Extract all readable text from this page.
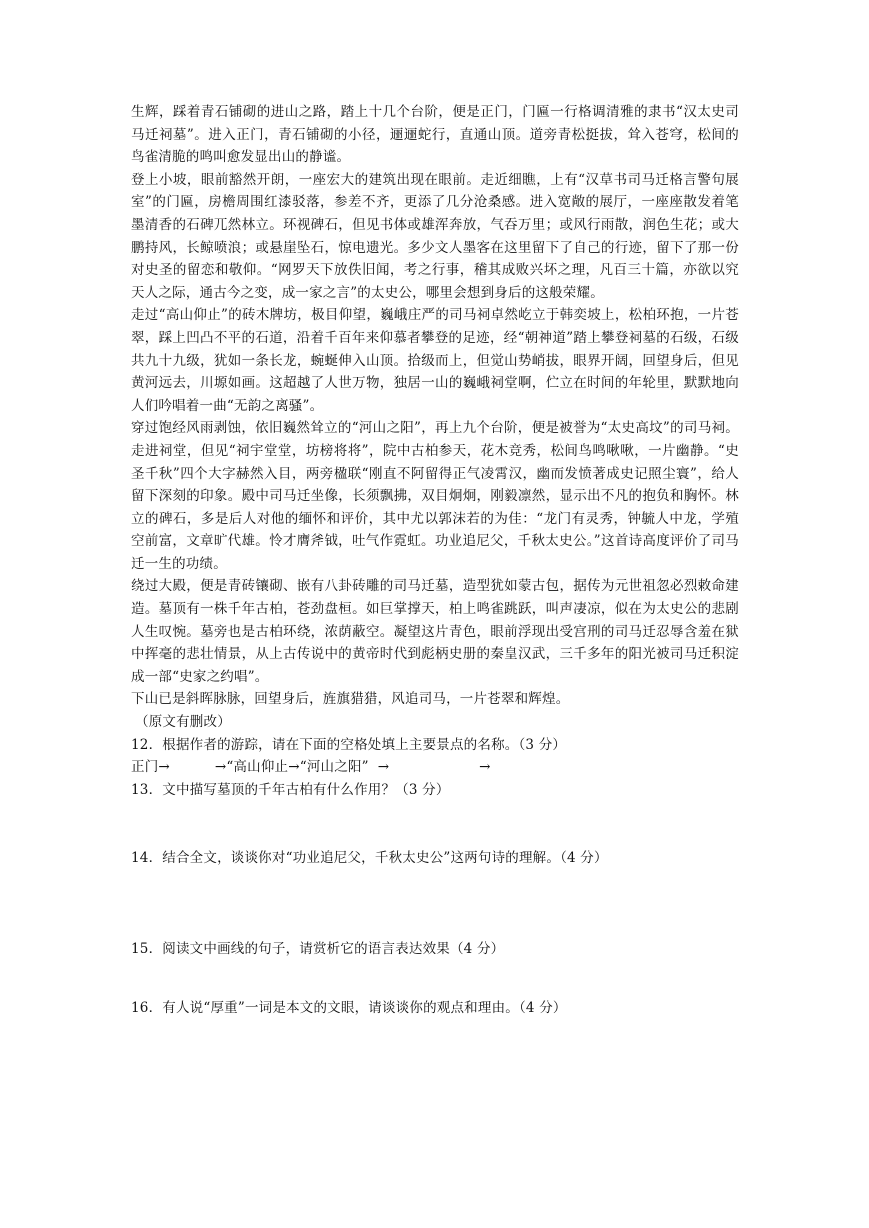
生辉，踩着青石铺砌的进山之路，踏上十几个台阶，便是正门，门匾一行格调清雅的隶书“汉太史司马迁祠墓”。进入正门，青石铺砌的小径，逦逦蛇行，直通山顶。道旁青松挺拔，耸入苍穹，松间的鸟雀清脆的鸣叫愈发显出山的静谧。

登上小坡，眼前豁然开朗，一座宏大的建筑出现在眼前。走近细瞧，上有“汉草书司马迁格言警句展室”的门匾，房檐周围红漆驳落，参差不齐，更添了几分沧桑感。进入宽敞的展厅，一座座散发着笔墨清香的石碑兀然林立。环视碑石，但见书体或雄浑奔放，气吞万里；或风行雨散，润色生花；或大鹏持风，长鲸喷浪；或悬崖坠石，惊电遗光。多少文人墨客在这里留下了自己的行迹，留下了那一份对史圣的留恋和敬仰。“网罗天下放佚旧闻，考之行事，稽其成败兴坏之理，凡百三十篇，亦欲以究天人之际，通古今之变，成一家之言”的太史公，哪里会想到身后的这般荣耀。

走过“高山仰止”的砖木牌坊，极目仰望，巍峨庄严的司马祠卓然屹立于韩奕坡上，松柏环抱，一片苍翠，踩上凹凸不平的石道，沿着千百年来仰慕者攀登的足迹，经“朝神道”踏上攀登祠墓的石级，石级共九十九级，犹如一条长龙，蜿蜒伸入山顶。拾级而上，但觉山势峭拔，眼界开阔，回望身后，但见黄河远去，川塬如画。这超越了人世万物，独居一山的巍峨祠堂啊，伫立在时间的年轮里，默默地向人们吟唱着一曲“无韵之离骚”。

穿过饱经风雨剥蚀，依旧巍然耸立的“河山之阳”，再上九个台阶，便是被誉为“太史高坟”的司马祠。走进祠堂，但见“祠宇堂堂，坊榜将将”，院中古柏参天，花木竞秀，松间鸟鸣啾啾，一片幽静。“史圣千秋”四个大字赫然入目，两旁楹联“刚直不阿留得正气凌霄汉，幽而发愤著成史记照尘寰”，给人留下深刻的印象。殿中司马迁坐像，长须飘拂，双目炯炯，刚毅凛然，显示出不凡的抱负和胸怀。林立的碑石，多是后人对他的缅怀和评价，其中尤以郭沫若的为佳：“龙门有灵秀，钟毓人中龙，学殖空前富，文章旷代雄。怜才膺斧钺，吐气作霓虹。功业追尼父，千秋太史公。”这首诗高度评价了司马迁一生的功绩。

绕过大殿，便是青砖镶砌、嵌有八卦砖雕的司马迁墓，造型犹如蒙古包，据传为元世祖忽必烈敕命建造。墓顶有一株千年古柏，苍劲盘桓。如巨掌撑天，柏上鸣雀跳跃，叫声凄凉，似在为太史公的悲剧人生叹惋。墓旁也是古柏环绕，浓荫蔽空。凝望这片青色，眼前浮现出受宫刑的司马迁忍辱含羞在狱中挥毫的悲壮情景，从上古传说中的黄帝时代到彪柄史册的秦皇汉武，三千多年的阳光被司马迁积淀成一部“史家之约唱”。

下山已是斜晖脉脉，回望身后，旌旗猎猎，风追司马，一片苍翠和辉煌。

（原文有删改）

12．根据作者的游踪，请在下面的空格处填上主要景点的名称。（3 分）

正门→          →“高山仰止→“河山之阳”  →                    →

13．文中描写墓顶的千年古柏有什么作用？（3 分）

14．结合全文，谈谈你对“功业追尼父，千秋太史公”这两句诗的理解。（4 分）

15．阅读文中画线的句子，请赏析它的语言表达效果（4 分）

16．有人说“厚重”一词是本文的文眼，请谈谈你的观点和理由。（4 分）
